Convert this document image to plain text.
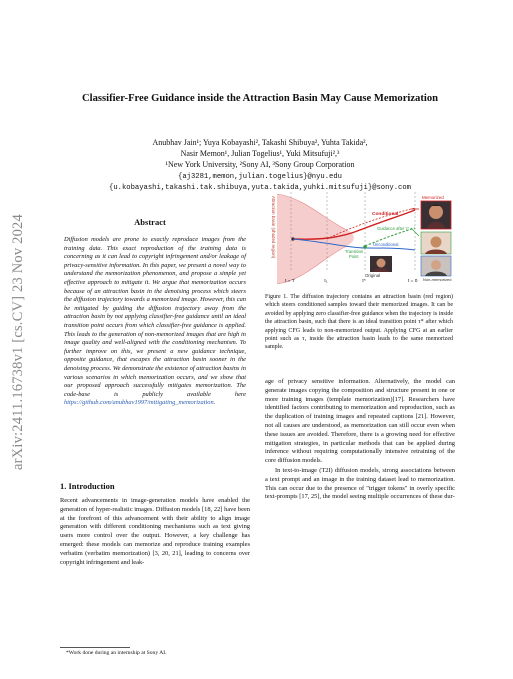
arXiv:2411.16738v1 [cs.CV] 23 Nov 2024
Classifier-Free Guidance inside the Attraction Basin May Cause Memorization
Anubhav Jain¹; Yuya Kobayashi², Takashi Shibuya², Yuhta Takida²,
Nasir Memon¹, Julian Togelius¹, Yuki Mitsufuji²,³
¹New York University, ²Sony AI, ³Sony Group Corporation
{aj3281,memon,julian.togelius}@nyu.edu
{u.kobayashi,takashi.tak.shibuya,yuta.takida,yuhki.mitsufuji}@sony.com
Abstract
Diffusion models are prone to exactly reproduce images from the training data. This exact reproduction of the training data is concerning as it can lead to copyright infringement and/or leakage of privacy-sensitive information. In this paper, we present a novel way to understand the memorization phenomenon, and propose a simple yet effective approach to mitigate it. We argue that memorization occurs because of an attraction basin in the denoising process which steers the diffusion trajectory towards a memorized image. However, this can be mitigated by guiding the diffusion trajectory away from the attraction basin by not applying classifier-free guidance until an ideal transition point occurs from which classifier-free guidance is applied. This leads to the generation of non-memorized images that are high in image quality and well-aligned with the conditioning mechanism. To further improve on this, we present a new guidance technique, opposite guidance, that escapes the attraction basin sooner in the denoising process. We demonstrate the existence of attraction basins in various scenarios in which memorization occurs, and we show that our proposed approach successfully mitigates memorization. The code-base is publicly available here https://github.com/anubhav1997/mitigating_memorization.
1. Introduction
Recent advancements in image-generation models have enabled the generation of hyper-realistic images. Diffusion models [18, 22] have been at the forefront of this advancement with their ability to align image generation with different conditioning mechanisms such as text giving users more control over the output. However, a key challenge has emerged: these models can memorize and reproduce training examples verbatim (verbatim memorization) [3, 20, 21], leading to concerns over copyright infringement and leak-
*Work done during an internship at Sony AI.
Attraction basin (shaded region)	Conditional
Guidance after τ*
Unconditional
Transition
Point
Memorized
Original
Non-memorized
t = T	τ₁	τ*	t = 0
Figure 1. The diffusion trajectory contains an attraction basin (red region) which steers conditioned samples toward their memorized images. It can be avoided by applying zero classifier-free guidance when the trajectory is inside the attraction basin, such that there is an ideal transition point τ* after which applying CFG leads to non-memorized output. Applying CFG at an earlier point such as τ₁ inside the attraction basin leads to the same memorized sample.

age of privacy sensitive information. Alternatively, the model can generate images copying the composition and structure present in one or more training images (template memorization)[17]. Researchers have identified factors contributing to memorization and reproduction, such as the duplication of training images and repeated captions [21]. However, not all causes are understood, as memorization can still occur even when these issues are avoided. Therefore, there is a growing need for effective mitigation strategies, in particular methods that can be applied during inference without requiring computationally intensive retraining of the core diffusion models.

In text-to-image (T2I) diffusion models, strong associations between a text prompt and an image in the training dataset lead to memorization. This can occur due to the presence of "trigger tokens" in overly specific text-prompts [17, 25], the model seeing multiple occurrences of these dur-
